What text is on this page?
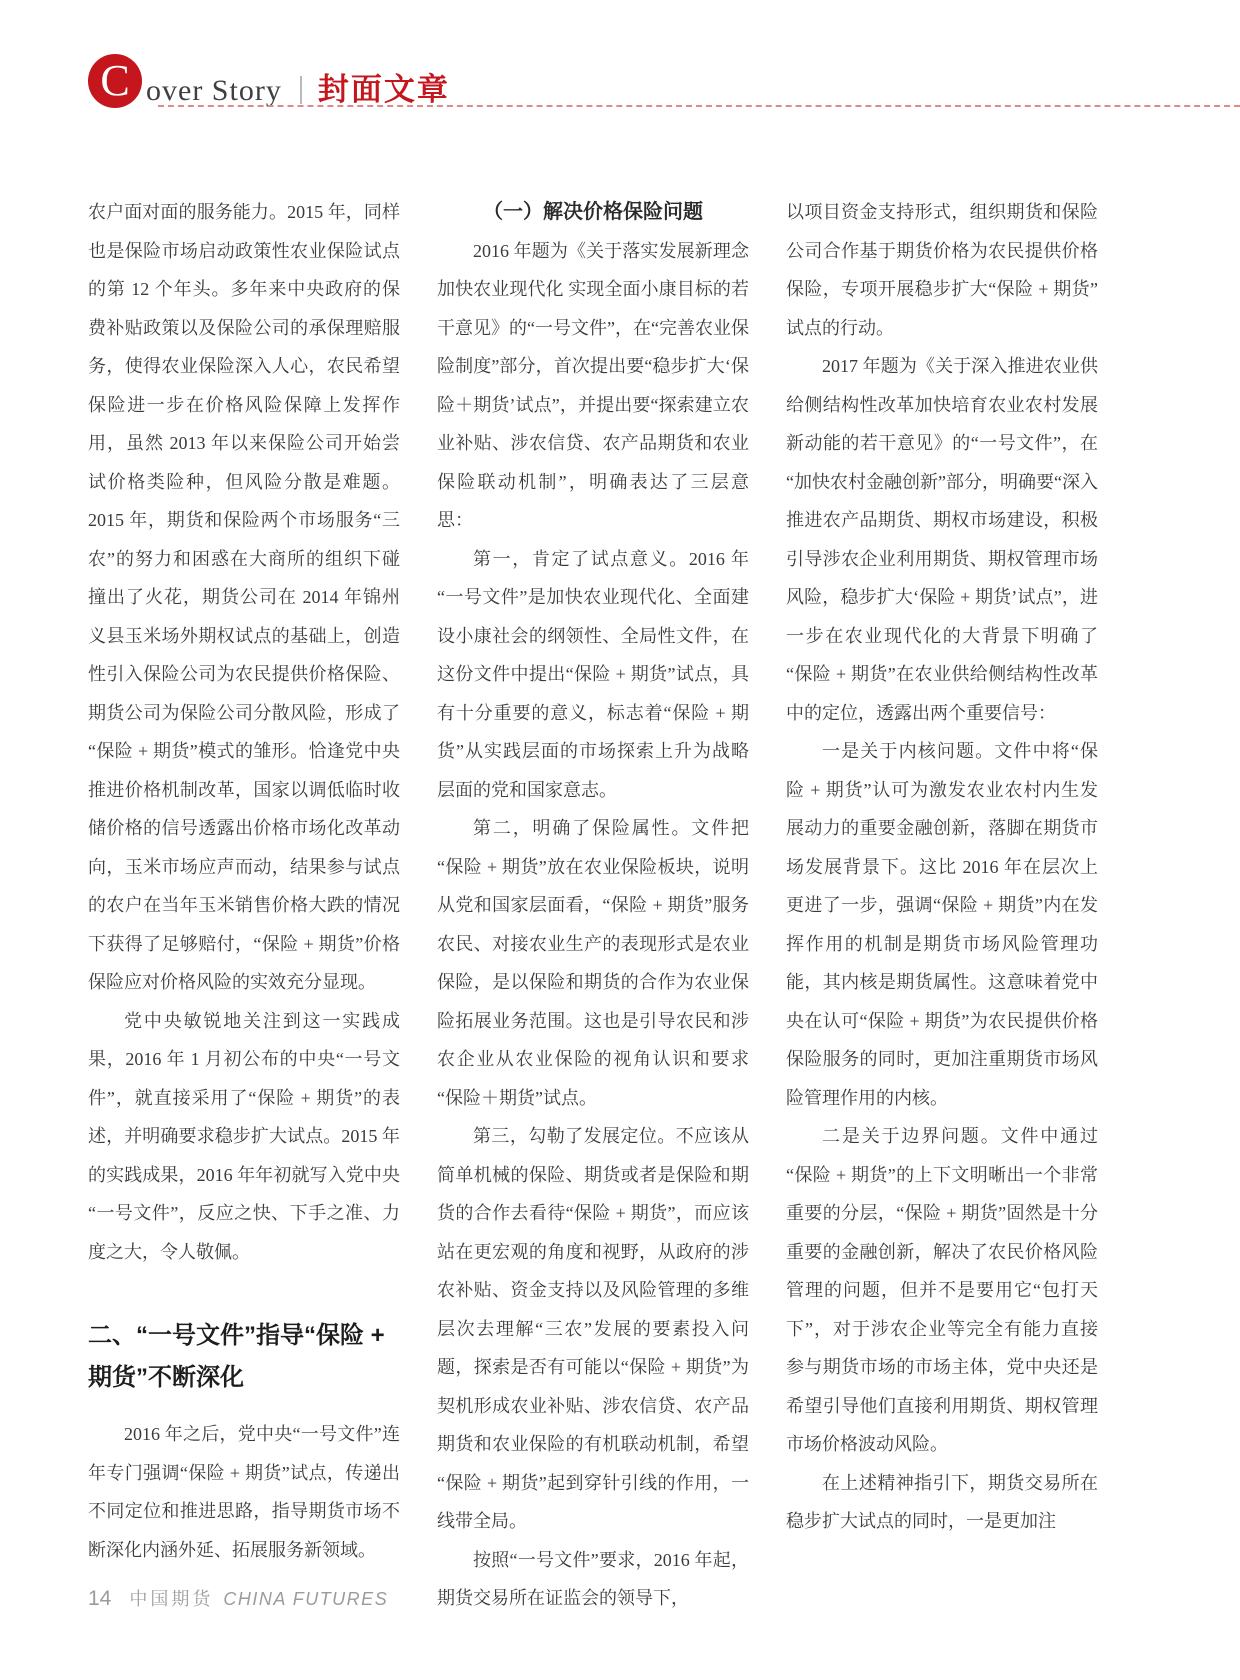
C over Story 封面文章

农户面对面的服务能力。2015 年，同样也是保险市场启动政策性农业保险试点的第 12 个年头。多年来中央政府的保费补贴政策以及保险公司的承保理赔服务，使得农业保险深入人心，农民希望保险进一步在价格风险保障上发挥作用，虽然 2013 年以来保险公司开始尝试价格类险种，但风险分散是难题。2015 年，期货和保险两个市场服务“三农”的努力和困惑在大商所的组织下碰撞出了火花，期货公司在 2014 年锦州义县玉米场外期权试点的基础上，创造性引入保险公司为农民提供价格保险、期货公司为保险公司分散风险，形成了“保险 + 期货”模式的雏形。恰逢党中央推进价格机制改革，国家以调低临时收储价格的信号透露出价格市场化改革动向，玉米市场应声而动，结果参与试点的农户在当年玉米销售价格大跌的情况下获得了足够赔付，“保险 + 期货”价格保险应对价格风险的实效充分显现。

党中央敏锐地关注到这一实践成果，2016 年 1 月初公布的中央“一号文件”，就直接采用了“保险 + 期货”的表述，并明确要求稳步扩大试点。2015 年的实践成果，2016 年年初就写入党中央“一号文件”，反应之快、下手之准、力度之大，令人敬佩。

二、“一号文件”指导“保险 + 期货”不断深化

2016 年之后，党中央“一号文件”连年专门强调“保险 + 期货”试点，传递出不同定位和推进思路，指导期货市场不断深化内涵外延、拓展服务新领域。

（一）解决价格保险问题

2016 年题为《关于落实发展新理念加快农业现代化 实现全面小康目标的若干意见》的“一号文件”，在“完善农业保险制度”部分，首次提出要“稳步扩大‘保险＋期货’试点”，并提出要“探索建立农业补贴、涉农信贷、农产品期货和农业保险联动机制”，明确表达了三层意思：

第一，肯定了试点意义。2016 年“一号文件”是加快农业现代化、全面建设小康社会的纲领性、全局性文件，在这份文件中提出“保险 + 期货”试点，具有十分重要的意义，标志着“保险 + 期货”从实践层面的市场探索上升为战略层面的党和国家意志。

第二，明确了保险属性。文件把“保险 + 期货”放在农业保险板块，说明从党和国家层面看，“保险 + 期货”服务农民、对接农业生产的表现形式是农业保险，是以保险和期货的合作为农业保险拓展业务范围。这也是引导农民和涉农企业从农业保险的视角认识和要求“保险＋期货”试点。

第三，勾勒了发展定位。不应该从简单机械的保险、期货或者是保险和期货的合作去看待“保险 + 期货”，而应该站在更宏观的角度和视野，从政府的涉农补贴、资金支持以及风险管理的多维层次去理解“三农”发展的要素投入问题，探索是否有可能以“保险 + 期货”为契机形成农业补贴、涉农信贷、农产品期货和农业保险的有机联动机制，希望“保险 + 期货”起到穿针引线的作用，一线带全局。

按照“一号文件”要求，2016 年起，期货交易所在证监会的领导下，

以项目资金支持形式，组织期货和保险公司合作基于期货价格为农民提供价格保险，专项开展稳步扩大“保险 + 期货”试点的行动。

2017 年题为《关于深入推进农业供给侧结构性改革加快培育农业农村发展新动能的若干意见》的“一号文件”，在“加快农村金融创新”部分，明确要“深入推进农产品期货、期权市场建设，积极引导涉农企业利用期货、期权管理市场风险，稳步扩大‘保险 + 期货’试点”，进一步在农业现代化的大背景下明确了“保险 + 期货”在农业供给侧结构性改革中的定位，透露出两个重要信号：

一是关于内核问题。文件中将“保险 + 期货”认可为激发农业农村内生发展动力的重要金融创新，落脚在期货市场发展背景下。这比 2016 年在层次上更进了一步，强调“保险 + 期货”内在发挥作用的机制是期货市场风险管理功能，其内核是期货属性。这意味着党中央在认可“保险 + 期货”为农民提供价格保险服务的同时，更加注重期货市场风险管理作用的内核。

二是关于边界问题。文件中通过“保险 + 期货”的上下文明晰出一个非常重要的分层，“保险 + 期货”固然是十分重要的金融创新，解决了农民价格风险管理的问题，但并不是要用它“包打天下”，对于涉农企业等完全有能力直接参与期货市场的市场主体，党中央还是希望引导他们直接利用期货、期权管理市场价格波动风险。

在上述精神指引下，期货交易所在稳步扩大试点的同时，一是更加注

14 中国期货 CHINA FUTURES
